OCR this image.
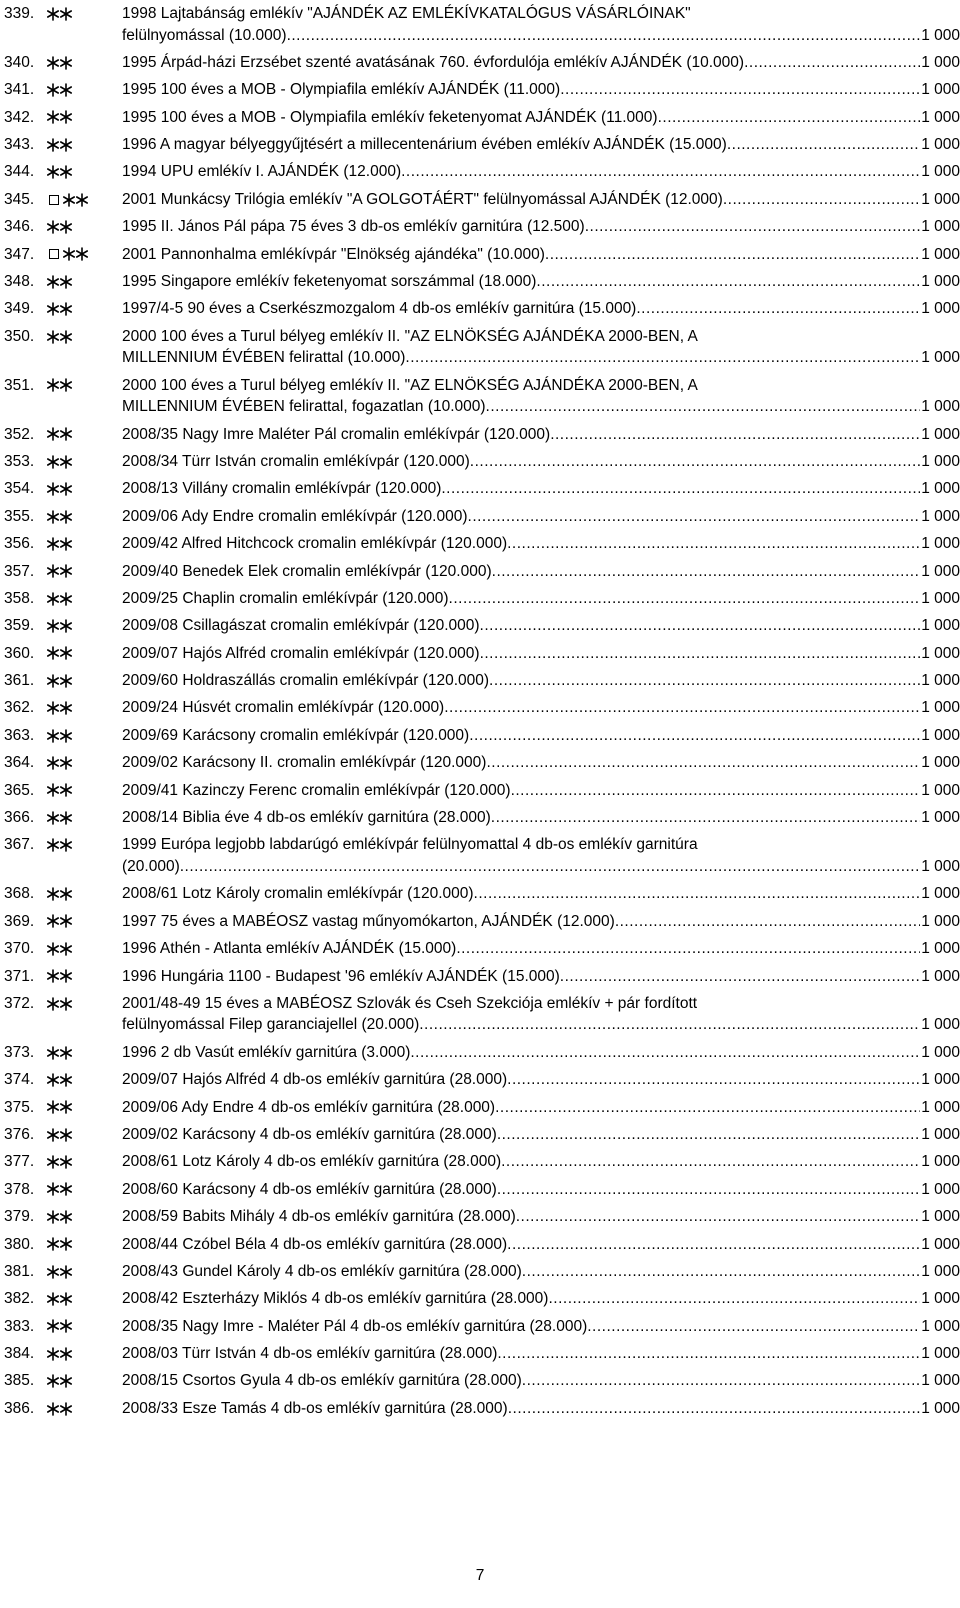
339.	1998 Lajtabánság emlékív "AJÁNDÉK AZ EMLÉKÍVKATALÓGUS VÁSÁRLÓINAK"
felülnyomással (10.000) .....	1 000
340.	1995 Árpád-házi Erzsébet szenté avatásának 760. évfordulója emlékív AJÁNDÉK (10.000) .....	1 000
341.	1995 100 éves a MOB - Olympiafila emlékív AJÁNDÉK (11.000) .....	1 000
342.	1995 100 éves a MOB - Olympiafila emlékív feketenyomat AJÁNDÉK (11.000) .....	1 000
343.	1996 A magyar bélyeggyűjtésért a millecentenárium évében emlékív AJÁNDÉK (15.000) .....	1 000
344.	1994 UPU emlékív I. AJÁNDÉK (12.000) .....	1 000
345.	2001 Munkácsy Trilógia emlékív "A GOLGOTÁÉRT" felülnyomással AJÁNDÉK (12.000) .....	1 000
346.	1995 II. János Pál pápa 75 éves 3 db-os emlékív garnitúra (12.500) .....	1 000
347.	2001 Pannonhalma emlékívpár "Elnökség ajándéka" (10.000) .....	1 000
348.	1995 Singapore emlékív feketenyomat sorszámmal (18.000) .....	1 000
349.	1997/4-5 90 éves a Cserkészmozgalom 4 db-os emlékív garnitúra (15.000) .....	1 000
350.	2000 100 éves a Turul bélyeg emlékív II. "AZ ELNÖKSÉG AJÁNDÉKA 2000-BEN, A
MILLENNIUM ÉVÉBEN felirattal (10.000) .....	1 000
351.	2000 100 éves a Turul bélyeg emlékív II. "AZ ELNÖKSÉG AJÁNDÉKA 2000-BEN, A
MILLENNIUM ÉVÉBEN felirattal, fogazatlan (10.000) .....	1 000
352.	2008/35 Nagy Imre Maléter Pál cromalin emlékívpár (120.000) .....	1 000
353.	2008/34 Türr István cromalin emlékívpár (120.000) .....	1 000
354.	2008/13 Villány cromalin emlékívpár (120.000) .....	1 000
355.	2009/06 Ady Endre cromalin emlékívpár (120.000) .....	1 000
356.	2009/42 Alfred Hitchcock cromalin emlékívpár (120.000) .....	1 000
357.	2009/40 Benedek Elek cromalin emlékívpár (120.000) .....	1 000
358.	2009/25 Chaplin cromalin emlékívpár (120.000) .....	1 000
359.	2009/08 Csillagászat cromalin emlékívpár (120.000) .....	1 000
360.	2009/07 Hajós Alfréd cromalin emlékívpár (120.000) .....	1 000
361.	2009/60 Holdraszállás cromalin emlékívpár (120.000) .....	1 000
362.	2009/24 Húsvét cromalin emlékívpár (120.000) .....	1 000
363.	2009/69 Karácsony cromalin emlékívpár (120.000) .....	1 000
364.	2009/02 Karácsony II. cromalin emlékívpár (120.000) .....	1 000
365.	2009/41 Kazinczy Ferenc cromalin emlékívpár (120.000) .....	1 000
366.	2008/14 Biblia éve 4 db-os emlékív garnitúra (28.000) .....	1 000
367.	1999 Európa legjobb labdarúgó emlékívpár felülnyomattal 4 db-os emlékív garnitúra
(20.000) .....	1 000
368.	2008/61 Lotz Károly cromalin emlékívpár (120.000) .....	1 000
369.	1997 75 éves a MABÉOSZ vastag műnyomókarton, AJÁNDÉK (12.000) .....	1 000
370.	1996 Athén - Atlanta emlékív AJÁNDÉK (15.000) .....	1 000
371.	1996 Hungária 1100 - Budapest '96 emlékív AJÁNDÉK (15.000) .....	1 000
372.	2001/48-49 15 éves a MABÉOSZ Szlovák és Cseh Szekciója emlékív + pár fordított
felülnyomással Filep garanciajellel (20.000) .....	1 000
373.	1996 2 db Vasút emlékív garnitúra (3.000) .....	1 000
374.	2009/07 Hajós Alfréd 4 db-os emlékív garnitúra (28.000) .....	1 000
375.	2009/06 Ady Endre 4 db-os emlékív garnitúra (28.000) .....	1 000
376.	2009/02 Karácsony 4 db-os emlékív garnitúra (28.000) .....	1 000
377.	2008/61 Lotz Károly 4 db-os emlékív garnitúra (28.000) .....	1 000
378.	2008/60 Karácsony 4 db-os emlékív garnitúra (28.000) .....	1 000
379.	2008/59 Babits Mihály 4 db-os emlékív garnitúra (28.000) .....	1 000
380.	2008/44 Czóbel Béla 4 db-os emlékív garnitúra (28.000) .....	1 000
381.	2008/43 Gundel Károly 4 db-os emlékív garnitúra (28.000) .....	1 000
382.	2008/42 Eszterházy Miklós 4 db-os emlékív garnitúra (28.000) .....	1 000
383.	2008/35 Nagy Imre - Maléter Pál 4 db-os emlékív garnitúra (28.000) .....	1 000
384.	2008/03 Türr István 4 db-os emlékív garnitúra (28.000) .....	1 000
385.	2008/15 Csortos Gyula 4 db-os emlékív garnitúra (28.000) .....	1 000
386.	2008/33 Esze Tamás 4 db-os emlékív garnitúra (28.000) .....	1 000
7
